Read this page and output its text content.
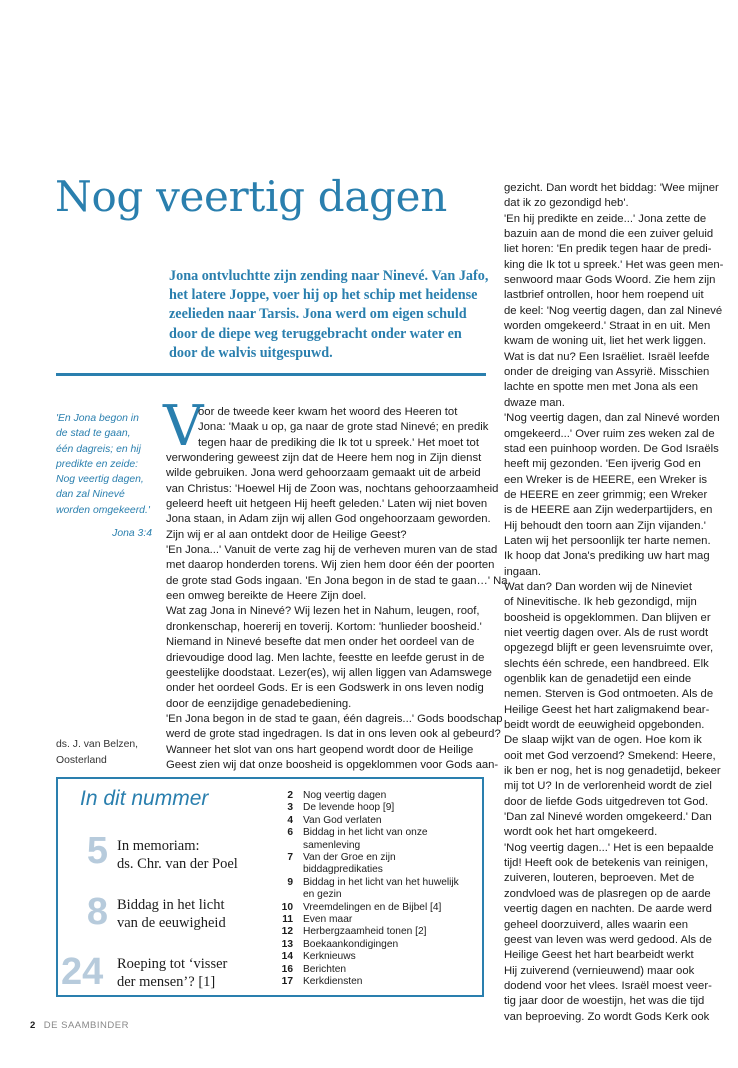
Nog veertig dagen
Jona ontvluchtte zijn zending naar Ninevé. Van Jafo,
het latere Joppe, voer hij op het schip met heidense
zeelieden naar Tarsis. Jona werd om eigen schuld
door de diepe weg teruggebracht onder water en
door de walvis uitgespuwd.
'En Jona begon in
de stad te gaan,
één dagreis; en hij
predikte en zeide:
Nog veertig dagen,
dan zal Ninevé
worden omgekeerd.'
Jona 3:4
ds. J. van Belzen,
Oosterland
V
oor de tweede keer kwam het woord des Heeren tot
Jona: 'Maak u op, ga naar de grote stad Ninevé; en predik
tegen haar de prediking die Ik tot u spreek.' Het moet tot
verwondering geweest zijn dat de Heere hem nog in Zijn dienst
wilde gebruiken. Jona werd gehoorzaam gemaakt uit de arbeid
van Christus: 'Hoewel Hij de Zoon was, nochtans gehoorzaamheid
geleerd heeft uit hetgeen Hij heeft geleden.' Laten wij niet boven
Jona staan, in Adam zijn wij allen God ongehoorzaam geworden.
Zijn wij er al aan ontdekt door de Heilige Geest?
'En Jona...' Vanuit de verte zag hij de verheven muren van de stad
met daarop honderden torens. Wij zien hem door één der poorten
de grote stad Gods ingaan. 'En Jona begon in de stad te gaan…' Na
een omweg bereikte de Heere Zijn doel.
Wat zag Jona in Ninevé? Wij lezen het in Nahum, leugen, roof,
dronkenschap, hoererij en toverij. Kortom: 'hunlieder boosheid.'
Niemand in Ninevé besefte dat men onder het oordeel van de
drievoudige dood lag. Men lachte, feestte en leefde gerust in de
geestelijke doodstaat. Lezer(es), wij allen liggen van Adamswege
onder het oordeel Gods. Er is een Godswerk in ons leven nodig
door de eenzijdige genadebediening.
'En Jona begon in de stad te gaan, één dagreis...' Gods boodschap
werd de grote stad ingedragen. Is dat in ons leven ook al gebeurd?
Wanneer het slot van ons hart geopend wordt door de Heilige
Geest zien wij dat onze boosheid is opgeklommen voor Gods aan-
gezicht. Dan wordt het biddag: 'Wee mijner
dat ik zo gezondigd heb'.
'En hij predikte en zeide...' Jona zette de
bazuin aan de mond die een zuiver geluid
liet horen: 'En predik tegen haar de predi-
king die Ik tot u spreek.' Het was geen men-
senwoord maar Gods Woord. Zie hem zijn
lastbrief ontrollen, hoor hem roepend uit
de keel: 'Nog veertig dagen, dan zal Ninevé
worden omgekeerd.' Straat in en uit. Men
kwam de woning uit, liet het werk liggen.
Wat is dat nu? Een Israëliet. Israël leefde
onder de dreiging van Assyrië. Misschien
lachte en spotte men met Jona als een
dwaze man.
'Nog veertig dagen, dan zal Ninevé worden
omgekeerd...' Over ruim zes weken zal de
stad een puinhoop worden. De God Israëls
heeft mij gezonden. 'Een ijverig God en
een Wreker is de HEERE, een Wreker is
de HEERE en zeer grimmig; een Wreker
is de HEERE aan Zijn wederpartijders, en
Hij behoudt den toorn aan Zijn vijanden.'
Laten wij het persoonlijk ter harte nemen.
Ik hoop dat Jona's prediking uw hart mag
ingaan.
Wat dan? Dan worden wij de Nineviet
of Ninevitische. Ik heb gezondigd, mijn
boosheid is opgeklommen. Dan blijven er
niet veertig dagen over. Als de rust wordt
opgezegd blijft er geen levensruimte over,
slechts één schrede, een handbreed. Elk
ogenblik kan de genadetijd een einde
nemen. Sterven is God ontmoeten. Als de
Heilige Geest het hart zaligmakend bear-
beidt wordt de eeuwigheid opgebonden.
De slaap wijkt van de ogen. Hoe kom ik
ooit met God verzoend? Smekend: Heere,
ik ben er nog, het is nog genadetijd, bekeer
mij tot U? In de verlorenheid wordt de ziel
door de liefde Gods uitgedreven tot God.
'Dan zal Ninevé worden omgekeerd.' Dan
wordt ook het hart omgekeerd.
'Nog veertig dagen...' Het is een bepaalde
tijd! Heeft ook de betekenis van reinigen,
zuiveren, louteren, beproeven. Met de
zondvloed was de plasregen op de aarde
veertig dagen en nachten. De aarde werd
geheel doorzuiverd, alles waarin een
geest van leven was werd gedood. Als de
Heilige Geest het hart bearbeidt werkt
Hij zuiverend (vernieuwend) maar ook
dodend voor het vlees. Israël moest veer-
tig jaar door de woestijn, het was die tijd
van beproeving. Zo wordt Gods Kerk ook
In dit nummer
5 In memoriam:
ds. Chr. van der Poel
8 Biddag in het licht
van de eeuwigheid
24 Roeping tot ‘visser
der mensen’? [1]
2 Nog veertig dagen
3 De levende hoop [9]
4 Van God verlaten
6 Biddag in het licht van onze
samenleving
7 Van der Groe en zijn
biddagpredikaties
9 Biddag in het licht van het huwelijk
en gezin
10 Vreemdelingen en de Bijbel [4]
11 Even maar
12 Herbergzaamheid tonen [2]
13 Boekaankondigingen
14 Kerknieuws
16 Berichten
17 Kerkdiensten
2 DE SAAMBINDER
